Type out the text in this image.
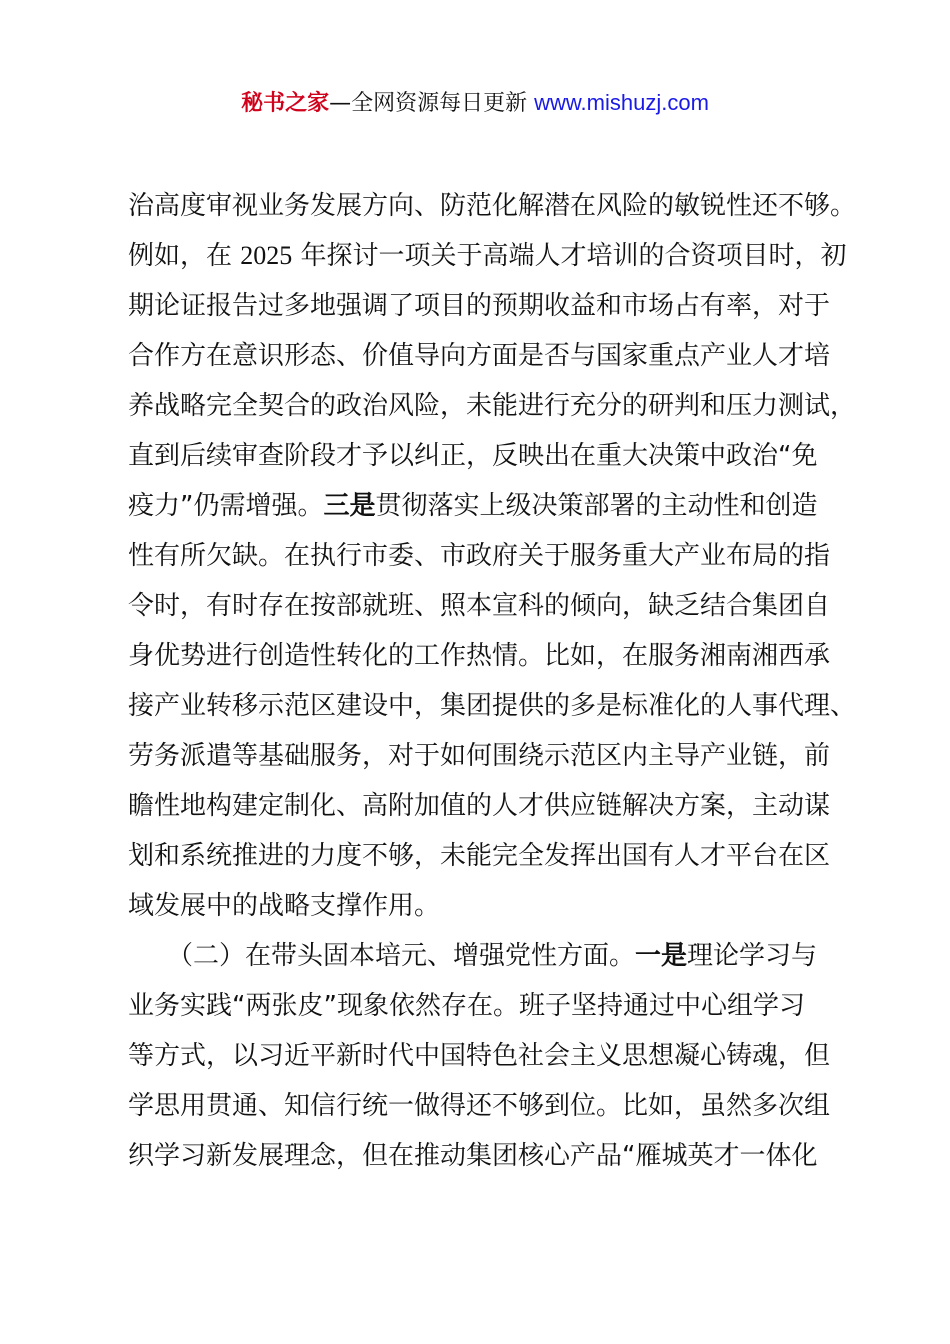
秘书之家—全网资源每日更新 www.mishuzj.com
治高度审视业务发展方向、防范化解潜在风险的敏锐性还不够。
例如，在 2025 年探讨一项关于高端人才培训的合资项目时，初
期论证报告过多地强调了项目的预期收益和市场占有率，对于
合作方在意识形态、价值导向方面是否与国家重点产业人才培
养战略完全契合的政治风险，未能进行充分的研判和压力测试，
直到后续审查阶段才予以纠正，反映出在重大决策中政治“免
疫力”仍需增强。三是贯彻落实上级决策部署的主动性和创造
性有所欠缺。在执行市委、市政府关于服务重大产业布局的指
令时，有时存在按部就班、照本宣科的倾向，缺乏结合集团自
身优势进行创造性转化的工作热情。比如，在服务湘南湘西承
接产业转移示范区建设中，集团提供的多是标准化的人事代理、
劳务派遣等基础服务，对于如何围绕示范区内主导产业链，前
瞻性地构建定制化、高附加值的人才供应链解决方案，主动谋
划和系统推进的力度不够，未能完全发挥出国有人才平台在区
域发展中的战略支撑作用。
　　（二）在带头固本培元、增强党性方面。一是理论学习与
业务实践“两张皮”现象依然存在。班子坚持通过中心组学习
等方式，以习近平新时代中国特色社会主义思想凝心铸魂，但
学思用贯通、知信行统一做得还不够到位。比如，虽然多次组
织学习新发展理念，但在推动集团核心产品“雁城英才一体化
